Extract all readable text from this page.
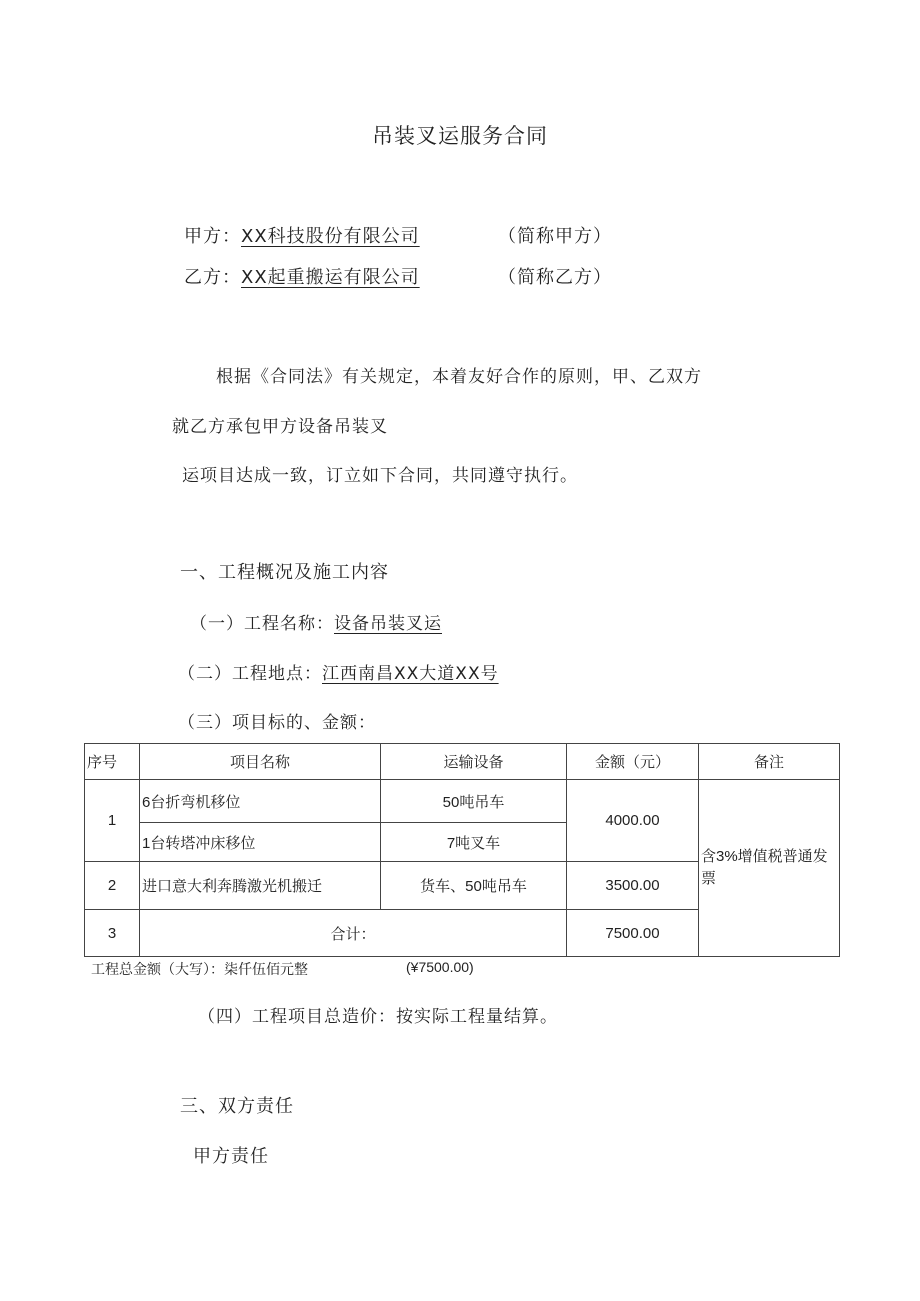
吊装叉运服务合同
甲方：XX科技股份有限公司	（简称甲方）
乙方：XX起重搬运有限公司	（简称乙方）
根据《合同法》有关规定，本着友好合作的原则，甲、乙双方
就乙方承包甲方设备吊装叉
运项目达成一致，订立如下合同，共同遵守执行。
一、工程概况及施工内容
（一）工程名称：设备吊装叉运
（二）工程地点：江西南昌XX大道XX号
（三）项目标的、金额：
序号	项目名称	运输设备	金额（元）	备注
1	6台折弯机移位	50吨吊车	4000.00	含3%增值税普通发票
	1台转塔冲床移位	7吨叉车		
2	进口意大利奔腾激光机搬迁	货车、50吨吊车	3500.00	
3	合计：		7500.00	
工程总金额（大写）：柒仟伍佰元整	(¥7500.00)
（四）工程项目总造价：按实际工程量结算。
三、双方责任
甲方责任
